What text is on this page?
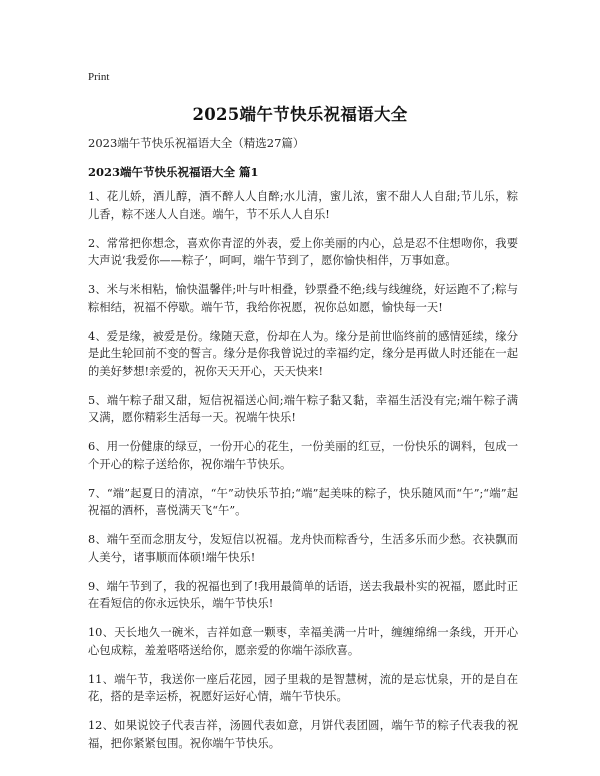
Print
2025端午节快乐祝福语大全
2023端午节快乐祝福语大全（精选27篇）
2023端午节快乐祝福语大全 篇1

1、花儿娇，酒儿醇，酒不醉人人自醉;水儿清，蜜儿浓，蜜不甜人人自甜;节儿乐，粽儿香，粽不迷人人自迷。端午，节不乐人人自乐!

2、常常把你想念，喜欢你青涩的外表，爱上你美丽的内心，总是忍不住想吻你，我要大声说‘我爱你——粽子’，呵呵，端午节到了，愿你愉快相伴，万事如意。

3、米与米相粘，愉快温馨伴;叶与叶相叠，钞票叠不绝;线与线缠绕，好运跑不了;粽与粽相结，祝福不停歇。端午节，我给你祝愿，祝你总如愿，愉快每一天!

4、爱是缘，被爱是份。缘随天意，份却在人为。缘分是前世临终前的感情延续，缘分是此生轮回前不变的誓言。缘分是你我曾说过的幸福约定，缘分是再做人时还能在一起的美好梦想!亲爱的，祝你天天开心，天天快来!

5、端午粽子甜又甜，短信祝福送心间;端午粽子黏又黏，幸福生活没有完;端午粽子满又满，愿你精彩生活每一天。祝端午快乐!

6、用一份健康的绿豆，一份开心的花生，一份美丽的红豆，一份快乐的调料，包成一个开心的粽子送给你，祝你端午节快乐。

7、“端”起夏日的清凉，“午”动快乐节拍;“端”起美味的粽子，快乐随风而“午”;“端”起祝福的酒杯，喜悦满天飞“午”。

8、端午至而念朋友兮，发短信以祝福。龙舟快而粽香兮，生活多乐而少愁。衣袂飘而人美兮，诸事顺而体硕!端午快乐!

9、端午节到了，我的祝福也到了!我用最简单的话语，送去我最朴实的祝福，愿此时正在看短信的你永远快乐，端午节快乐!

10、天长地久一碗米，吉祥如意一颗枣，幸福美满一片叶，缠缠绵绵一条线，开开心心包成粽，羞羞嗒嗒送给你，愿亲爱的你端午添欣喜。

11、端午节，我送你一座后花园，园子里栽的是智慧树，流的是忘忧泉，开的是自在花，搭的是幸运桥，祝愿好运好心情，端午节快乐。

12、如果说饺子代表吉祥，汤圆代表如意，月饼代表团圆，端午节的粽子代表我的祝福，把你紧紧包围。祝你端午节快乐。
